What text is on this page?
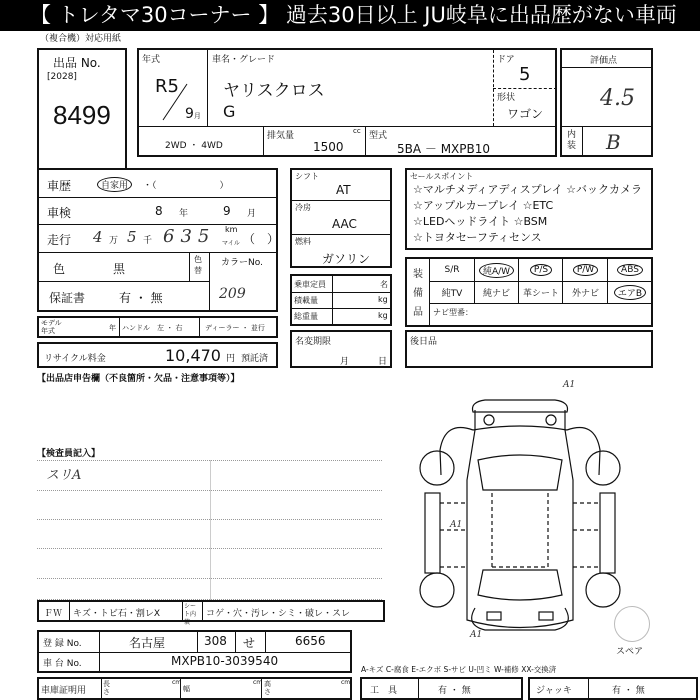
【 トレタマ30コーナー 】 過去30日以上 JU岐阜に出品歴がない車両
（複合機）対応用紙
出品 No.
[2028]
8499
年式
R5
9月
車名・グレード
ヤリスクロス
G
ドア
5
形状
ワゴン
2WD ・ 4WD
排気量	cc
1500
型式
5BA － MXPB10
評価点
4.5
内装 B
車歴	自家用	・（　　　　　　　）
車検	8 年	9 月
走行 4 万 5 千 635 km
マイル （　）
色	黒
色替
カラーNo.
209
保証書	有 ・ 無
モデル年式	年 ハンドル 左 ・ 右	ディーラー ・ 並行
リサイクル料金	10,470 円 預託済
シフト
AT
冷房
AAC
燃料
ガソリン
乗車定員	名
積載量	kg
総重量	kg
名変期限
月	日
セールスポイント
☆マルチメディアディスプレイ ☆バックカメラ
☆アップルカープレイ ☆ETC
☆LEDヘッドライト ☆BSM
☆トヨタセーフティセンス
装備品 ナビ型番：
S/R	純A/W	P/S	P/W	ABS
純TV 純ナビ 革シート 外ナビ	エアB
後日品
【出品店申告欄（不良箇所・欠品・注意事項等）】
【検査員記入】
スリA
A1
A1
A1
スペア
ＦＷ キズ・トビ石・割レX
シート内装
コゲ・穴・汚レ・シミ・破レ・スレ
登 録 No.	名古屋	308 せ	6656
車 台 No.	MXPB10-3039540
車庫証明用
長さ
cm
幅
cm 高さ
cm
A-キズ C-腐食 E-エクボ S-サビ U-凹ミ W-補修 XX-交換済
工　具	有 ・ 無	ジャッキ	有 ・ 無
